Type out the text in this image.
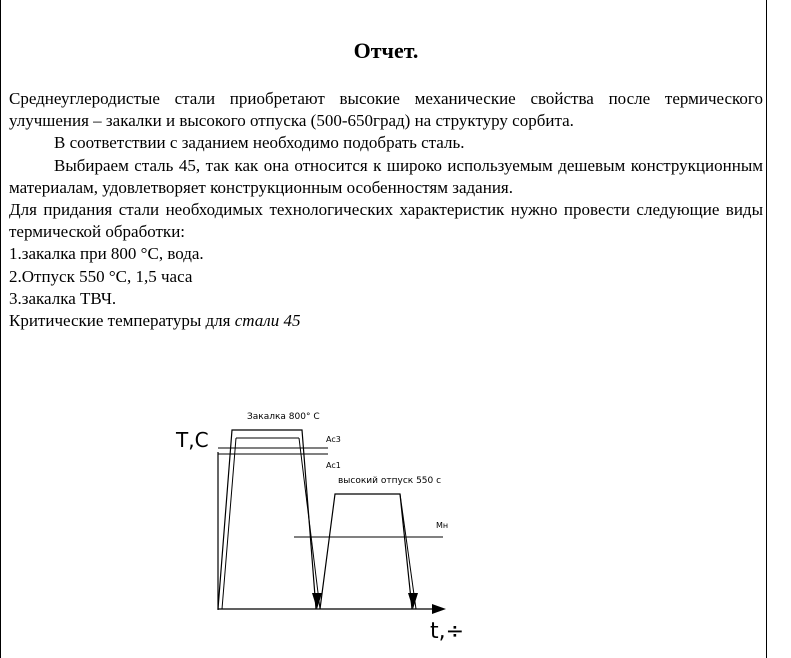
Отчет.

Среднеуглеродистые стали приобретают высокие механические свойства после термического улучшения – закалки и высокого отпуска (500-650град) на структуру сорбита.

В соответствии с заданием необходимо подобрать сталь.

Выбираем сталь 45, так как она относится к широко используемым дешевым конструкционным материалам, удовлетворяет конструкционным особенностям задания.

Для придания стали необходимых технологических характеристик нужно провести следующие виды термической обработки:

1.закалка при 800 °С, вода.

2.Отпуск 550 °С, 1,5 часа

3.закалка ТВЧ.

Критические температуры для стали 45

T,C
t,÷
Закалка 800° C
Ac3
Ac1
высокий отпуск 550 с
Мн
